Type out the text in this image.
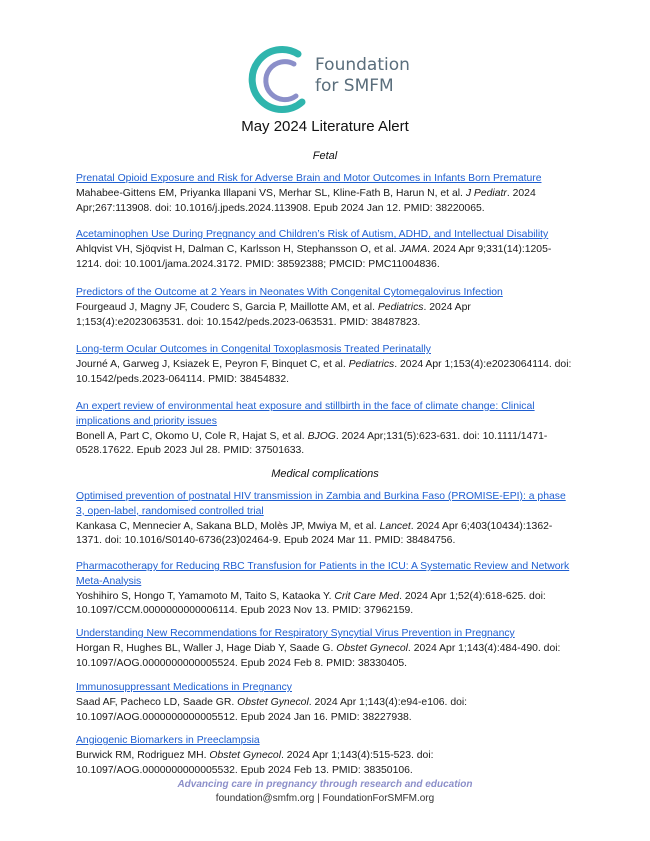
Foundation
for SMFM
May 2024 Literature Alert
Fetal
Prenatal Opioid Exposure and Risk for Adverse Brain and Motor Outcomes in Infants Born Premature
Mahabee-Gittens EM, Priyanka Illapani VS, Merhar SL, Kline-Fath B, Harun N, et al. J Pediatr. 2024 Apr;267:113908. doi: 10.1016/j.jpeds.2024.113908. Epub 2024 Jan 12. PMID: 38220065.
Acetaminophen Use During Pregnancy and Children’s Risk of Autism, ADHD, and Intellectual Disability
Ahlqvist VH, Sjöqvist H, Dalman C, Karlsson H, Stephansson O, et al. JAMA. 2024 Apr 9;331(14):1205-1214. doi: 10.1001/jama.2024.3172. PMID: 38592388; PMCID: PMC11004836.
Predictors of the Outcome at 2 Years in Neonates With Congenital Cytomegalovirus Infection
Fourgeaud J, Magny JF, Couderc S, Garcia P, Maillotte AM, et al. Pediatrics. 2024 Apr 1;153(4):e2023063531. doi: 10.1542/peds.2023-063531. PMID: 38487823.
Long-term Ocular Outcomes in Congenital Toxoplasmosis Treated Perinatally
Journé A, Garweg J, Ksiazek E, Peyron F, Binquet C, et al. Pediatrics. 2024 Apr 1;153(4):e2023064114. doi: 10.1542/peds.2023-064114. PMID: 38454832.
An expert review of environmental heat exposure and stillbirth in the face of climate change: Clinical implications and priority issues
Bonell A, Part C, Okomo U, Cole R, Hajat S, et al. BJOG. 2024 Apr;131(5):623-631. doi: 10.1111/1471-0528.17622. Epub 2023 Jul 28. PMID: 37501633.
Medical complications
Optimised prevention of postnatal HIV transmission in Zambia and Burkina Faso (PROMISE-EPI): a phase 3, open-label, randomised controlled trial
Kankasa C, Mennecier A, Sakana BLD, Molès JP, Mwiya M, et al. Lancet. 2024 Apr 6;403(10434):1362-1371. doi: 10.1016/S0140-6736(23)02464-9. Epub 2024 Mar 11. PMID: 38484756.
Pharmacotherapy for Reducing RBC Transfusion for Patients in the ICU: A Systematic Review and Network Meta-Analysis
Yoshihiro S, Hongo T, Yamamoto M, Taito S, Kataoka Y. Crit Care Med. 2024 Apr 1;52(4):618-625. doi: 10.1097/CCM.0000000000006114. Epub 2023 Nov 13. PMID: 37962159.
Understanding New Recommendations for Respiratory Syncytial Virus Prevention in Pregnancy
Horgan R, Hughes BL, Waller J, Hage Diab Y, Saade G. Obstet Gynecol. 2024 Apr 1;143(4):484-490. doi: 10.1097/AOG.0000000000005524. Epub 2024 Feb 8. PMID: 38330405.
Immunosuppressant Medications in Pregnancy
Saad AF, Pacheco LD, Saade GR. Obstet Gynecol. 2024 Apr 1;143(4):e94-e106. doi: 10.1097/AOG.0000000000005512. Epub 2024 Jan 16. PMID: 38227938.
Angiogenic Biomarkers in Preeclampsia
Burwick RM, Rodriguez MH. Obstet Gynecol. 2024 Apr 1;143(4):515-523. doi: 10.1097/AOG.0000000000005532. Epub 2024 Feb 13. PMID: 38350106.
Advancing care in pregnancy through research and education
foundation@smfm.org | FoundationForSMFM.org
